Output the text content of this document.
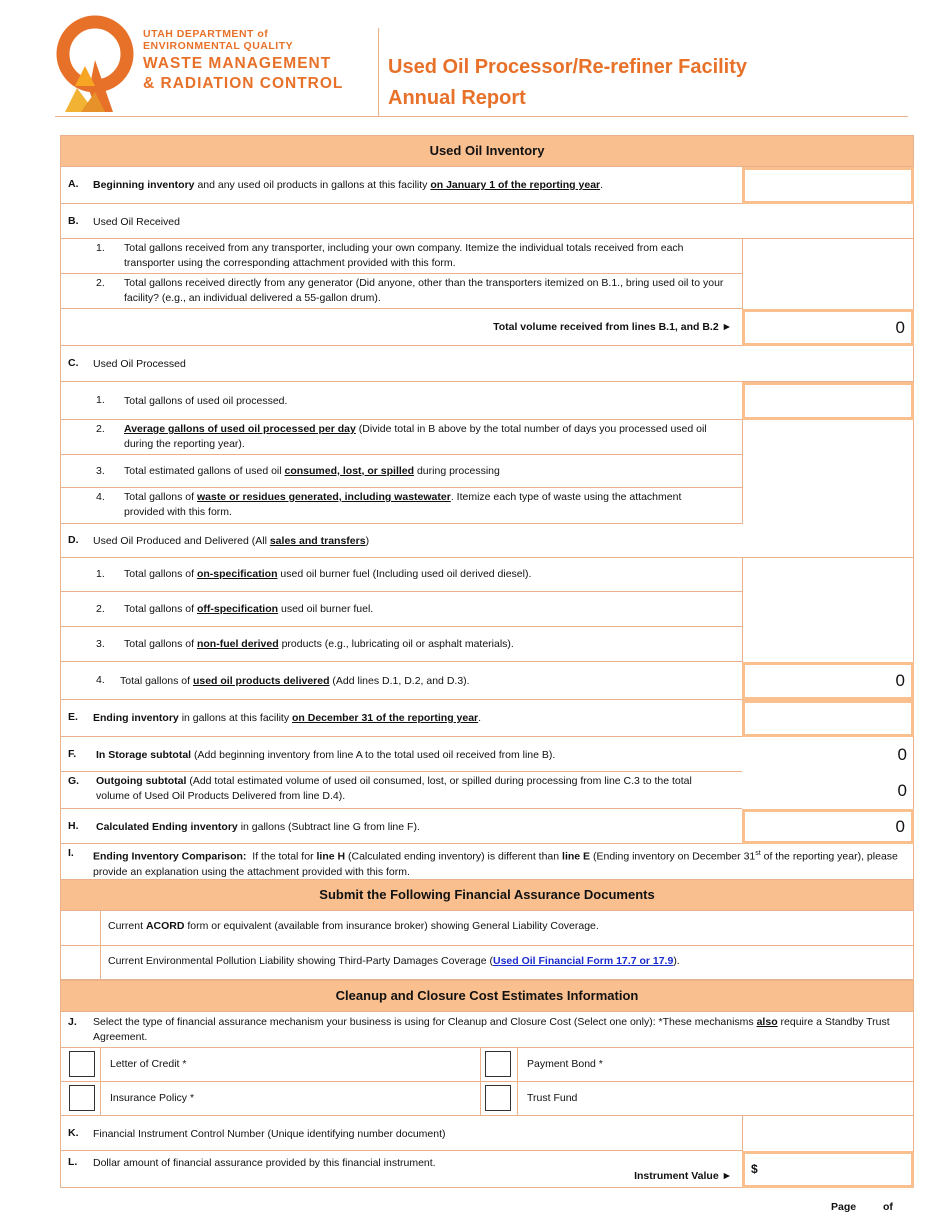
UTAH DEPARTMENT of
ENVIRONMENTAL QUALITY
WASTE MANAGEMENT
& RADIATION CONTROL
Used Oil Processor/Re-refiner Facility
Annual Report
Used Oil Inventory
A. Beginning inventory and any used oil products in gallons at this facility on January 1 of the reporting year.
B. Used Oil Received
1. Total gallons received from any transporter, including your own company. Itemize the individual totals received from each transporter using the corresponding attachment provided with this form.
2. Total gallons received directly from any generator (Did anyone, other than the transporters itemized on B.1., bring used oil to your facility? (e.g., an individual delivered a 55-gallon drum).
Total volume received from lines B.1, and B.2 ►	0
C. Used Oil Processed
1. Total gallons of used oil processed.
2. Average gallons of used oil processed per day (Divide total in B above by the total number of days you processed used oil during the reporting year).
3. Total estimated gallons of used oil consumed, lost, or spilled during processing
4. Total gallons of waste or residues generated, including wastewater. Itemize each type of waste using the attachment provided with this form.
D. Used Oil Produced and Delivered (All sales and transfers)
1. Total gallons of on-specification used oil burner fuel (Including used oil derived diesel).
2. Total gallons of off-specification used oil burner fuel.
3. Total gallons of non-fuel derived products (e.g., lubricating oil or asphalt materials).
4. Total gallons of used oil products delivered (Add lines D.1, D.2, and D.3).	0
E. Ending inventory in gallons at this facility on December 31 of the reporting year.
F. In Storage subtotal (Add beginning inventory from line A to the total used oil received from line B).	0
G. Outgoing subtotal (Add total estimated volume of used oil consumed, lost, or spilled during processing from line C.3 to the total volume of Used Oil Products Delivered from line D.4).	0
H. Calculated Ending inventory in gallons (Subtract line G from line F).	0
I. Ending Inventory Comparison: If the total for line H (Calculated ending inventory) is different than line E (Ending inventory on December 31st of the reporting year), please provide an explanation using the attachment provided with this form.
Submit the Following Financial Assurance Documents
Current ACORD form or equivalent (available from insurance broker) showing General Liability Coverage.
Current Environmental Pollution Liability showing Third-Party Damages Coverage (Used Oil Financial Form 17.7 or 17.9).
Cleanup and Closure Cost Estimates Information
J. Select the type of financial assurance mechanism your business is using for Cleanup and Closure Cost (Select one only): *These mechanisms also require a Standby Trust Agreement.
Letter of Credit *	Payment Bond *
Insurance Policy *	Trust Fund
K. Financial Instrument Control Number (Unique identifying number document)
L. Dollar amount of financial assurance provided by this financial instrument.
Instrument Value ► $
Page	of
